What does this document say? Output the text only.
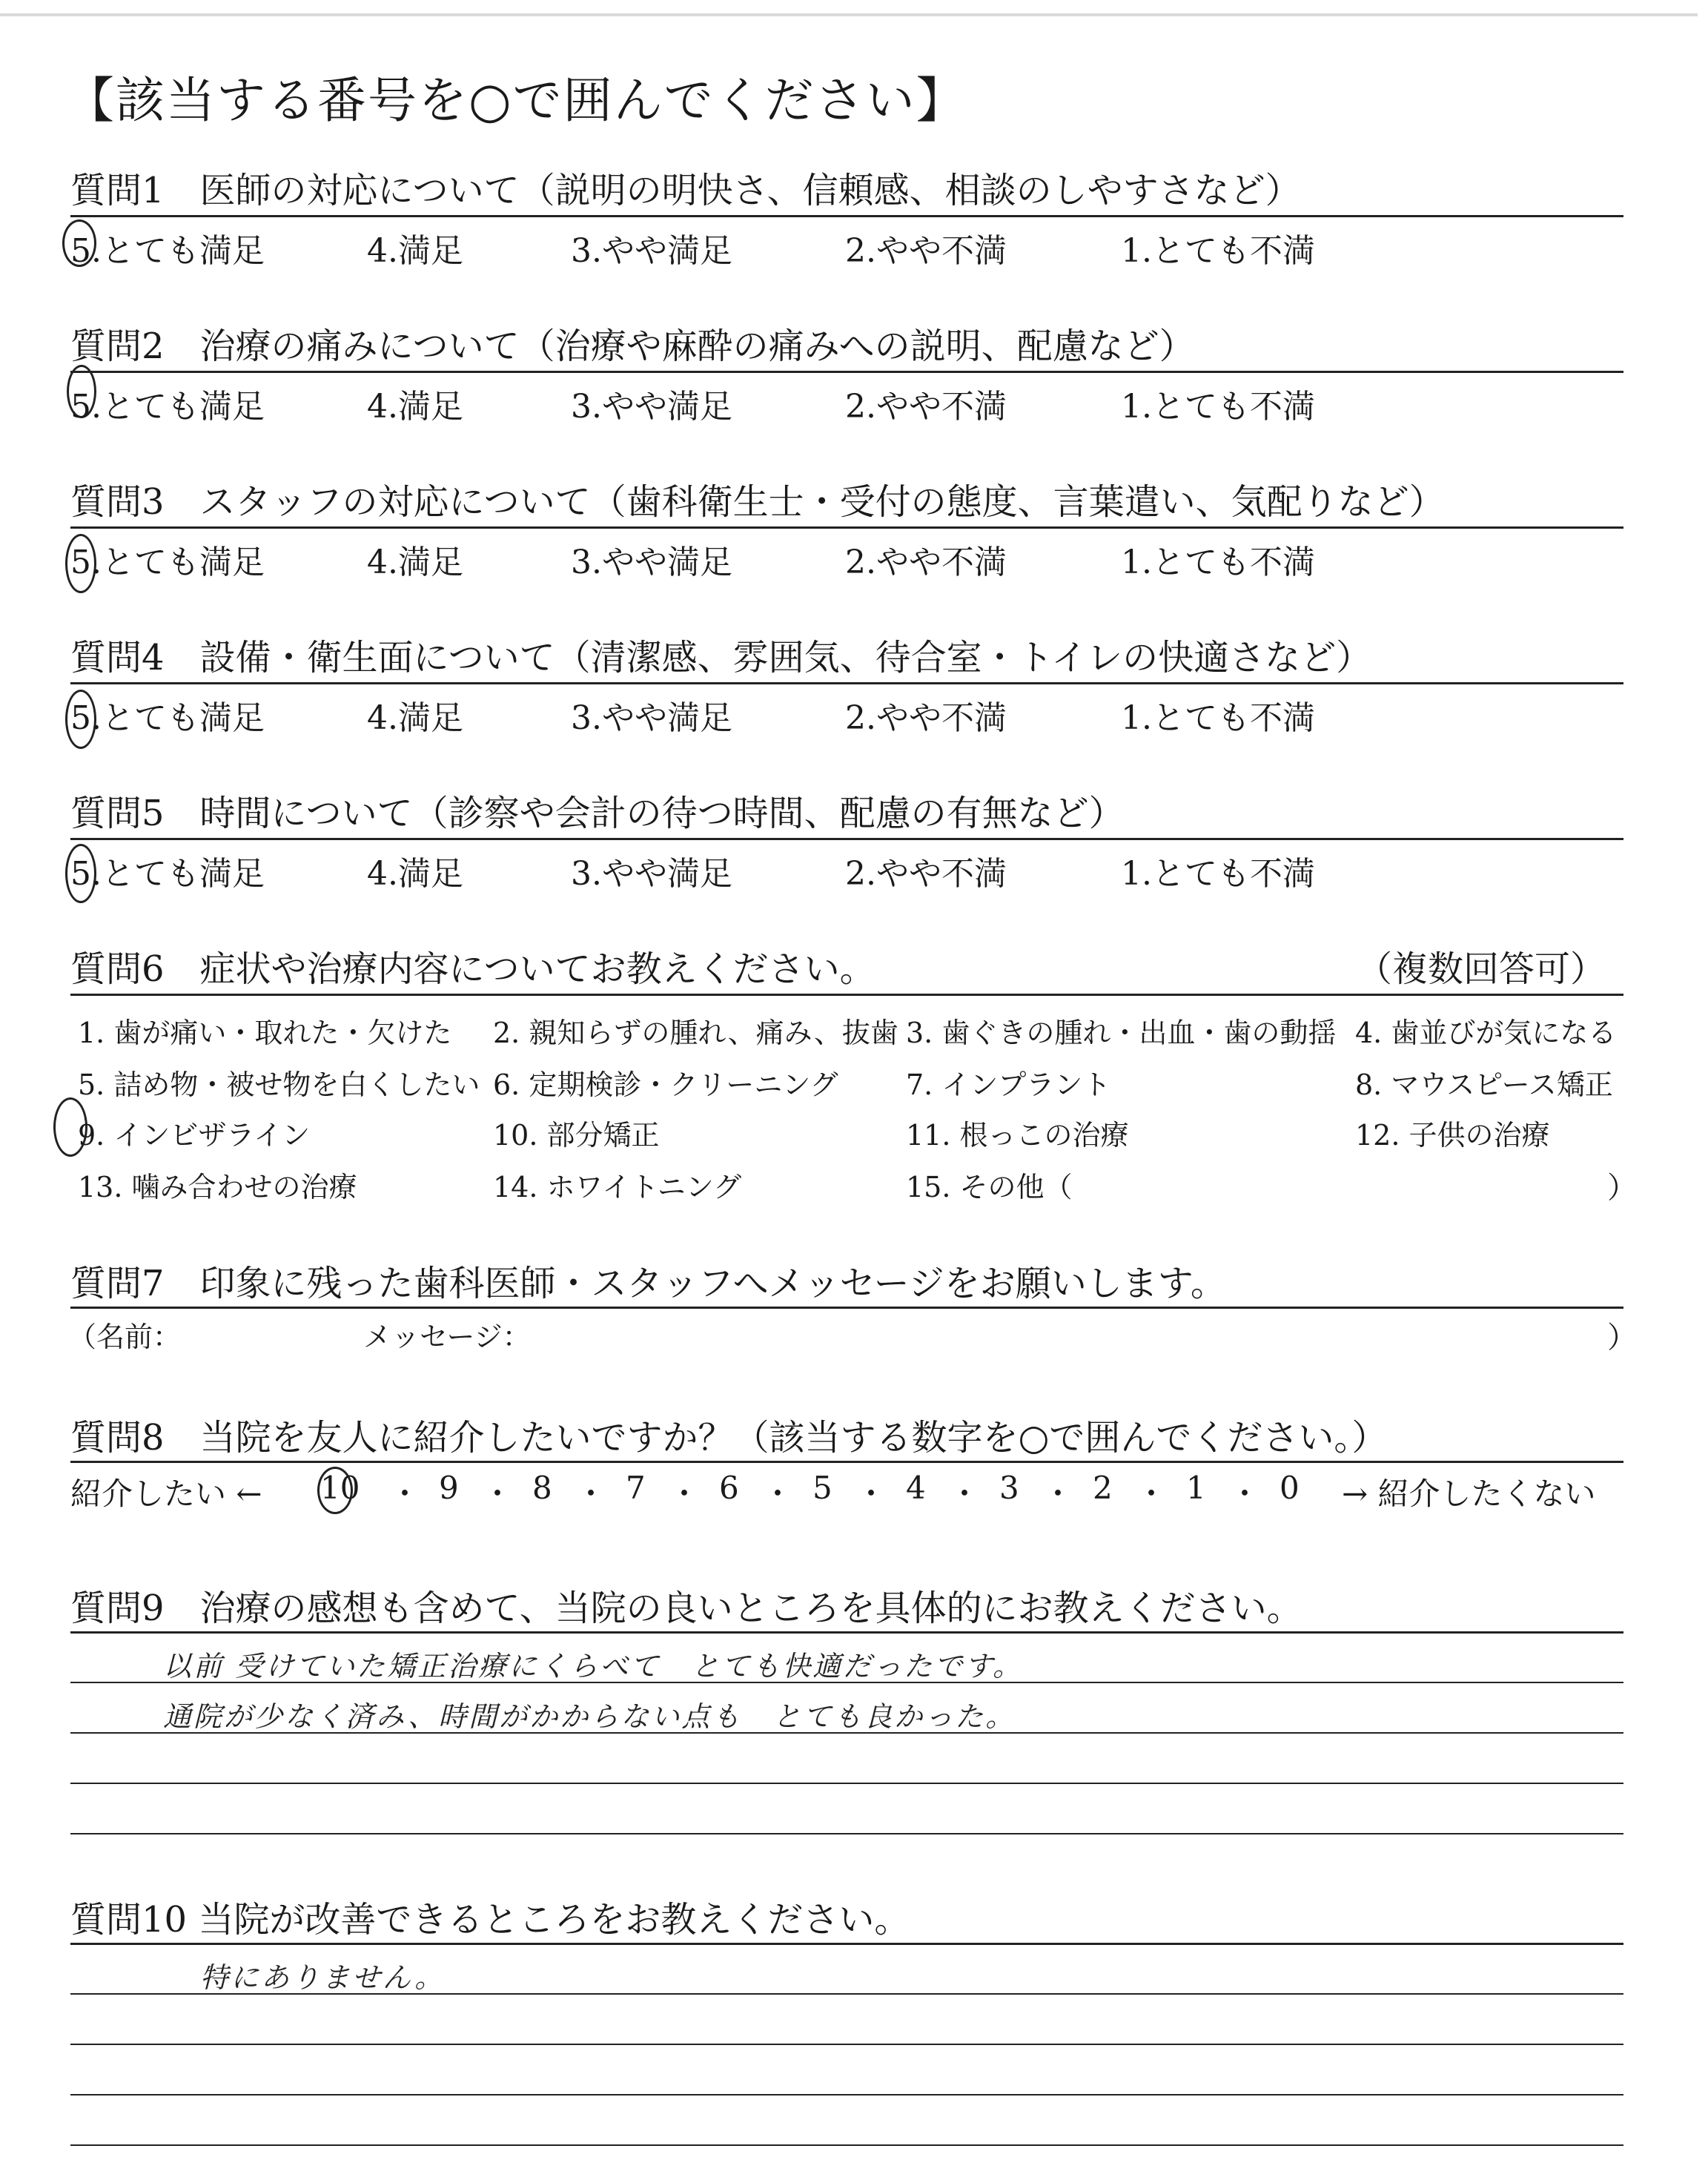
【該当する番号を○で囲んでください】
質問1　医師の対応について（説明の明快さ、信頼感、相談のしやすさなど）
5.とても満足	4.満足	3.やや満足	2.やや不満	1.とても不満
質問2　治療の痛みについて（治療や麻酔の痛みへの説明、配慮など）
5.とても満足	4.満足	3.やや満足	2.やや不満	1.とても不満
質問3　スタッフの対応について（歯科衛生士・受付の態度、言葉遣い、気配りなど）
5.とても満足	4.満足	3.やや満足	2.やや不満	1.とても不満
質問4　設備・衛生面について（清潔感、雰囲気、待合室・トイレの快適さなど）
5.とても満足	4.満足	3.やや満足	2.やや不満	1.とても不満
質問5　時間について（診察や会計の待つ時間、配慮の有無など）
5.とても満足	4.満足	3.やや満足	2.やや不満	1.とても不満
質問6　症状や治療内容についてお教えください。	（複数回答可）
1. 歯が痛い・取れた・欠けた 2. 親知らずの腫れ、痛み、抜歯 3. 歯ぐきの腫れ・出血・歯の動揺 4. 歯並びが気になる
5. 詰め物・被せ物を白くしたい 6. 定期検診・クリーニング 7. インプラント	8. マウスピース矯正
9. インビザライン	10. 部分矯正	11. 根っこの治療	12. 子供の治療
13. 噛み合わせの治療	14. ホワイトニング	15. その他（	）
質問7　印象に残った歯科医師・スタッフへメッセージをお願いします。
（名前：	メッセージ：	）
質問8　当院を友人に紹介したいですか？（該当する数字を○で囲んでください。）
紹介したい ← 10 ・ 9 ・ 8 ・ 7 ・ 6 ・ 5 ・ 4 ・ 3 ・ 2 ・ 1 ・ 0 → 紹介したくない
質問9　治療の感想も含めて、当院の良いところを具体的にお教えください。
以前 受けていた矯正治療にくらべて　とても快適だったです。
通院が少なく済み、時間がかからない点も　とても良かった。
質問10 当院が改善できるところをお教えください。
特にありません。
